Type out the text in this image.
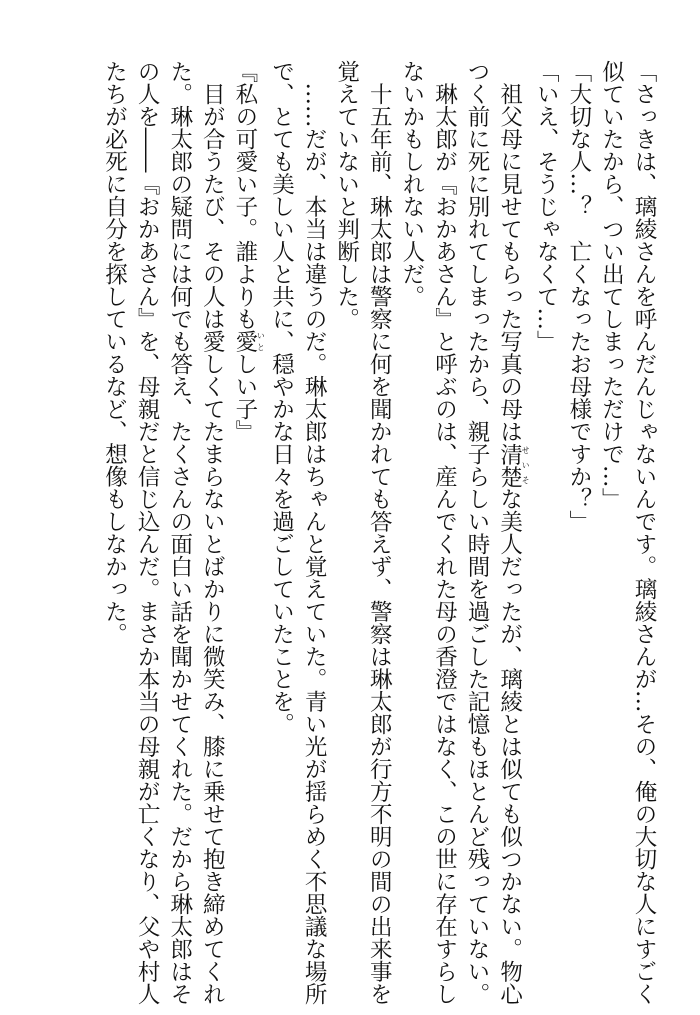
「さっきは、璃綾さんを呼んだんじゃないんです。璃綾さんが…その、俺の大切な人にすごく
似ていたから、つい出てしまっただけで…」
「大切な人…？　亡くなったお母様ですか？」
「いえ、そうじゃなくて…」
　祖父母に見せてもらった写真の母は清楚せいそな美人だったが、璃綾とは似ても似つかない。物心
つく前に死に別れてしまったから、親子らしい時間を過ごした記憶もほとんど残っていない。
　琳太郎が『おかあさん』と呼ぶのは、産んでくれた母の香澄ではなく、この世に存在すらし
ないかもしれない人だ。
　十五年前、琳太郎は警察に何を聞かれても答えず、警察は琳太郎が行方不明の間の出来事を
覚えていないと判断した。
　……だが、本当は違うのだ。琳太郎はちゃんと覚えていた。青い光が揺らめく不思議な場所
で、とても美しい人と共に、穏やかな日々を過ごしていたことを。
『私の可愛い子。誰よりも愛いとしい子』
　目が合うたび、その人は愛しくてたまらないとばかりに微笑み、膝に乗せて抱き締めてくれ
た。琳太郎の疑問には何でも答え、たくさんの面白い話を聞かせてくれた。だから琳太郎はそ
の人を――『おかあさん』を、母親だと信じ込んだ。まさか本当の母親が亡くなり、父や村人
たちが必死に自分を探しているなど、想像もしなかった。
